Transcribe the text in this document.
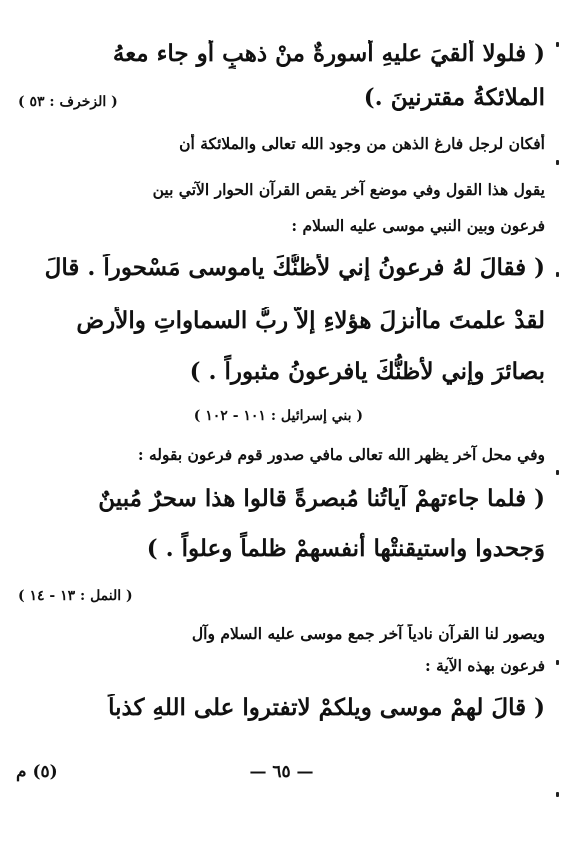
( فلولا أُلقيَ عليهِ أسورةٌ منْ ذهبٍ أو جاء معهُ
الملائكةُ مقترنينَ .)
( الزخرف : ٥٣ )
أفكان لرجل فارغ الذهن من وجود الله تعالى والملائكة أن
يقول هذا القول وفي موضع آخر يقص القرآن الحوار الآتي بين
فرعون وبين النبي موسى عليه السلام :
( فقالَ لهُ فرعونُ إني لأظنُّكَ ياموسى مَسْحوراً . قالَ
لقدْ علمتَ ماأنزلَ هؤلاءِ إلاّ ربُّ السماواتِ والأرضِ
بصائرَ وإني لأظنُّكَ يافرعونُ مثبوراً . )
( بني إسرائيل : ١٠١ - ١٠٢ )
وفي محل آخر يظهر الله تعالى مافي صدور قوم فرعون بقوله :
( فلما جاءتهمْ آياتُنا مُبصرةً قالوا هذا سحرٌ مُبينٌ
وَجحدوا واستيقنتْها أنفسهمْ ظلماً وعلواً . )
( النمل : ١٣ - ١٤ )
ويصور لنا القرآن نادياً آخر جمع موسى عليه السلام وآل
فرعون بهذه الآية :
( قالَ لهمْ موسى ويلكمْ لاتفتروا على اللهِ كذباً
— ٦٥ —
(٥) م
